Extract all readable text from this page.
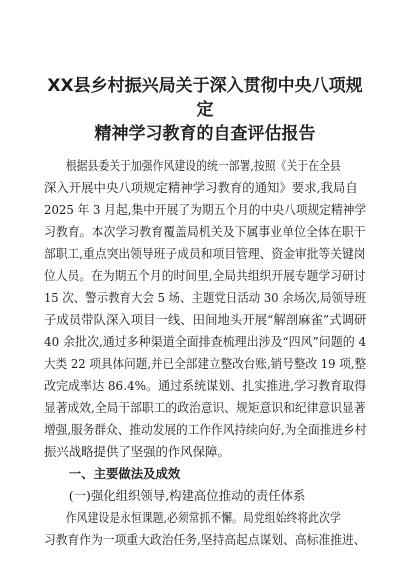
XX县乡村振兴局关于深入贯彻中央八项规定
精神学习教育的自查评估报告

根据县委关于加强作风建设的统一部署,按照《关于在全县
深入开展中央八项规定精神学习教育的通知》要求,我局自
2025 年 3 月起,集中开展了为期五个月的中央八项规定精神学
习教育。本次学习教育覆盖局机关及下属事业单位全体在职干
部职工,重点突出领导班子成员和项目管理、资金审批等关键岗
位人员。在为期五个月的时间里,全局共组织开展专题学习研讨
15 次、警示教育大会 5 场、主题党日活动 30 余场次,局领导班
子成员带队深入项目一线、田间地头开展“解剖麻雀”式调研
40 余批次,通过多种渠道全面排查梳理出涉及“四风”问题的 4
大类 22 项具体问题,并已全部建立整改台账,销号整改 19 项,整
改完成率达 86.4%。通过系统谋划、扎实推进,学习教育取得
显著成效,全局干部职工的政治意识、规矩意识和纪律意识显著
增强,服务群众、推动发展的工作作风持续向好,为全面推进乡村
振兴战略提供了坚强的作风保障。

一、主要做法及成效

(一)强化组织领导,构建高位推动的责任体系

作风建设是永恒课题,必须常抓不懈。局党组始终将此次学
习教育作为一项重大政治任务,坚持高起点谋划、高标准推进、
